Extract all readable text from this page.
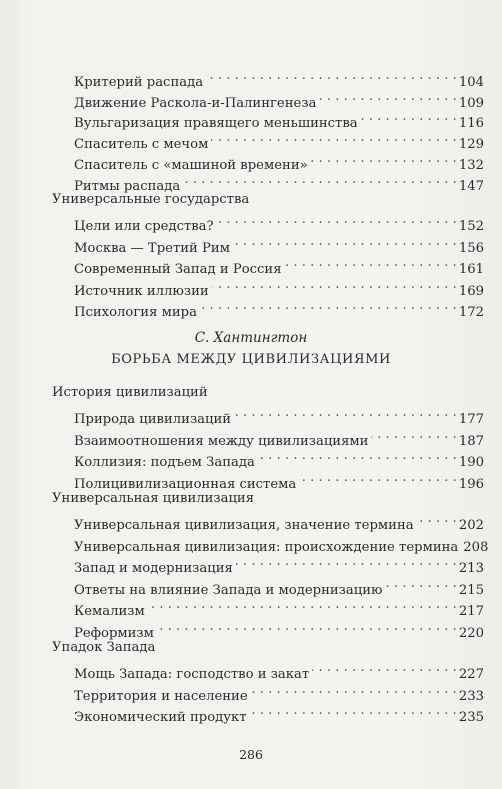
Критерий распада . . .	104
Движение Раскола-и-Палингенеза . . .	109
Вульгаризация правящего меньшинства . . .	116
Спаситель с мечом . . .	129
Спаситель с «машиной времени» . . .	132
Ритмы распада . . .	147
Универсальные государства
Цели или средства? . . .	152
Москва — Третий Рим . . .	156
Современный Запад и Россия . . .	161
Источник иллюзии . . .	169
Психология мира . . .	172
С. Хантингтон
БОРЬБА МЕЖДУ ЦИВИЛИЗАЦИЯМИ
История цивилизаций
Природа цивилизаций . . .	177
Взаимоотношения между цивилизациями . . .	187
Коллизия: подъем Запада . . .	190
Полицивилизационная система . . .	196
Универсальная цивилизация
Универсальная цивилизация, значение термина . . .	202
Универсальная цивилизация: происхождение термина 208
Запад и модернизация . . .	213
Ответы на влияние Запада и модернизацию . . .	215
Кемализм . . .	217
Реформизм . . .	220
Упадок Запада
Мощь Запада: господство и закат . . .	227
Территория и население . . .	233
Экономический продукт . . .	235
286
